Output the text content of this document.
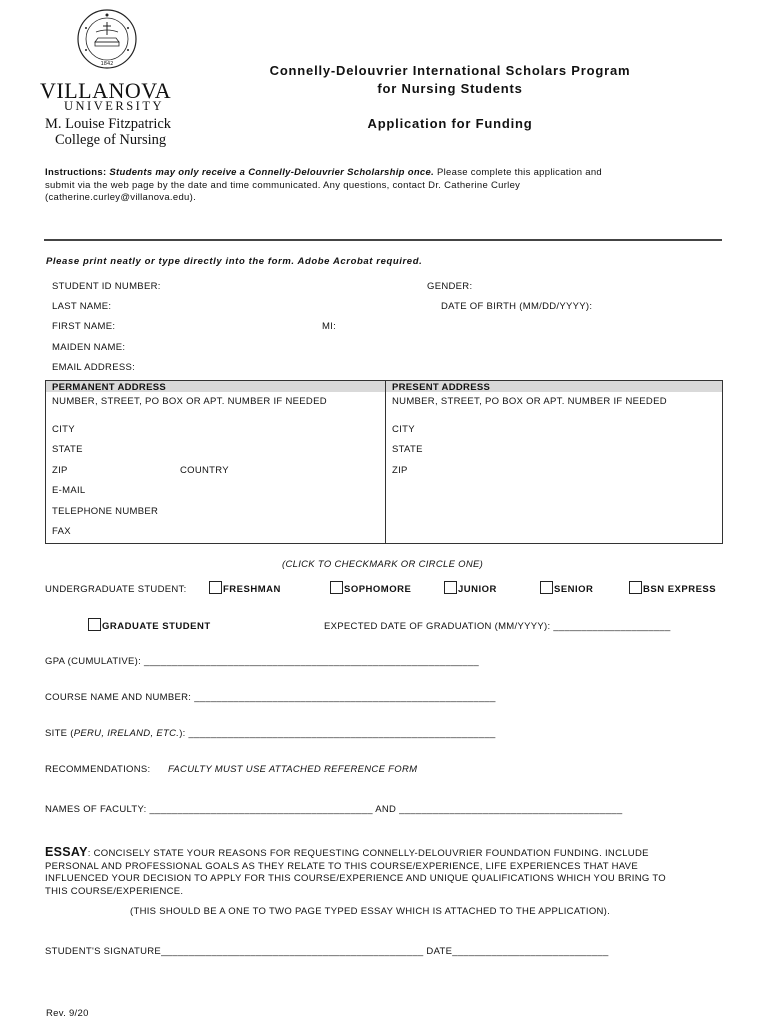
1842
VILLANOVA
UNIVERSITY
M. Louise Fitzpatrick
College of Nursing
Connelly-Delouvrier International Scholars Program
for Nursing Students
Application for Funding
Instructions: Students may only receive a Connelly-Delouvrier Scholarship once. Please complete this application and
submit via the web page by the date and time communicated. Any questions, contact Dr. Catherine Curley
(catherine.curley@villanova.edu).
Please print neatly or type directly into the form. Adobe Acrobat required.
STUDENT ID NUMBER:	GENDER:
LAST NAME:	DATE OF BIRTH (MM/DD/YYYY):
FIRST NAME:	MI:
MAIDEN NAME:
EMAIL ADDRESS:
PERMANENT ADDRESS
NUMBER, STREET, PO BOX OR APT. NUMBER IF NEEDED
CITY
STATE
ZIP	COUNTRY
E-MAIL
TELEPHONE NUMBER
FAX
PRESENT ADDRESS
NUMBER, STREET, PO BOX OR APT. NUMBER IF NEEDED
CITY
STATE
ZIP
(CLICK TO CHECKMARK OR CIRCLE ONE)
UNDERGRADUATE STUDENT:	FRESHMAN	SOPHOMORE	JUNIOR	SENIOR	BSN EXPRESS
GRADUATE STUDENT	EXPECTED DATE OF GRADUATION (MM/YYYY): _____________________
GPA (CUMULATIVE): ____________________________________________________________
COURSE NAME AND NUMBER: ______________________________________________________
SITE (PERU, IRELAND, ETC.): _______________________________________________________
RECOMMENDATIONS: FACULTY MUST USE ATTACHED REFERENCE FORM
NAMES OF FACULTY: ________________________________________ AND ________________________________________
ESSAY: CONCISELY STATE YOUR REASONS FOR REQUESTING CONNELLY-DELOUVRIER FOUNDATION FUNDING. INCLUDE
PERSONAL AND PROFESSIONAL GOALS AS THEY RELATE TO THIS COURSE/EXPERIENCE, LIFE EXPERIENCES THAT HAVE
INFLUENCED YOUR DECISION TO APPLY FOR THIS COURSE/EXPERIENCE AND UNIQUE QUALIFICATIONS WHICH YOU BRING TO
THIS COURSE/EXPERIENCE.
(THIS SHOULD BE A ONE TO TWO PAGE TYPED ESSAY WHICH IS ATTACHED TO THE APPLICATION).
STUDENT'S SIGNATURE_______________________________________________ DATE____________________________
Rev. 9/20
